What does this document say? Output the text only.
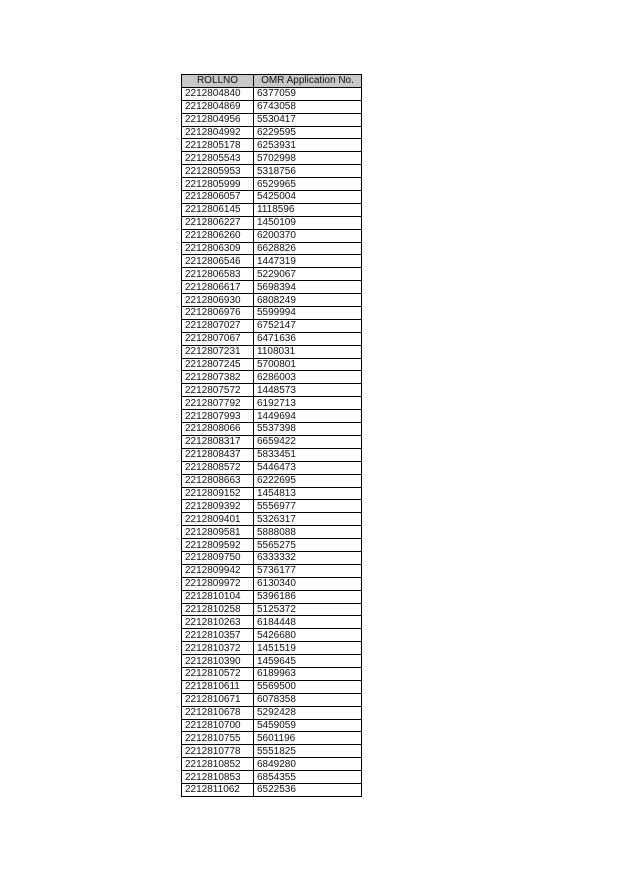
ROLLNO	OMR Application No.
2212804840	6377059
2212804869	6743058
2212804956	5530417
2212804992	6229595
2212805178	6253931
2212805543	5702998
2212805953	5318756
2212805999	6529965
2212806057	5425004
2212806145	1118596
2212806227	1450109
2212806260	6200370
2212806309	6628826
2212806546	1447319
2212806583	5229067
2212806617	5698394
2212806930	6808249
2212806976	5599994
2212807027	6752147
2212807067	6471636
2212807231	1108031
2212807245	5700801
2212807382	6286003
2212807572	1448573
2212807792	6192713
2212807993	1449694
2212808066	5537398
2212808317	6659422
2212808437	5833451
2212808572	5446473
2212808663	6222695
2212809152	1454813
2212809392	5556977
2212809401	5326317
2212809581	5888088
2212809592	5565275
2212809750	6333332
2212809942	5736177
2212809972	6130340
2212810104	5396186
2212810258	5125372
2212810263	6184448
2212810357	5426680
2212810372	1451519
2212810390	1459645
2212810572	6189963
2212810611	5569500
2212810671	6078358
2212810678	5292428
2212810700	5459059
2212810755	5601196
2212810778	5551825
2212810852	6849280
2212810853	6854355
2212811062	6522536
